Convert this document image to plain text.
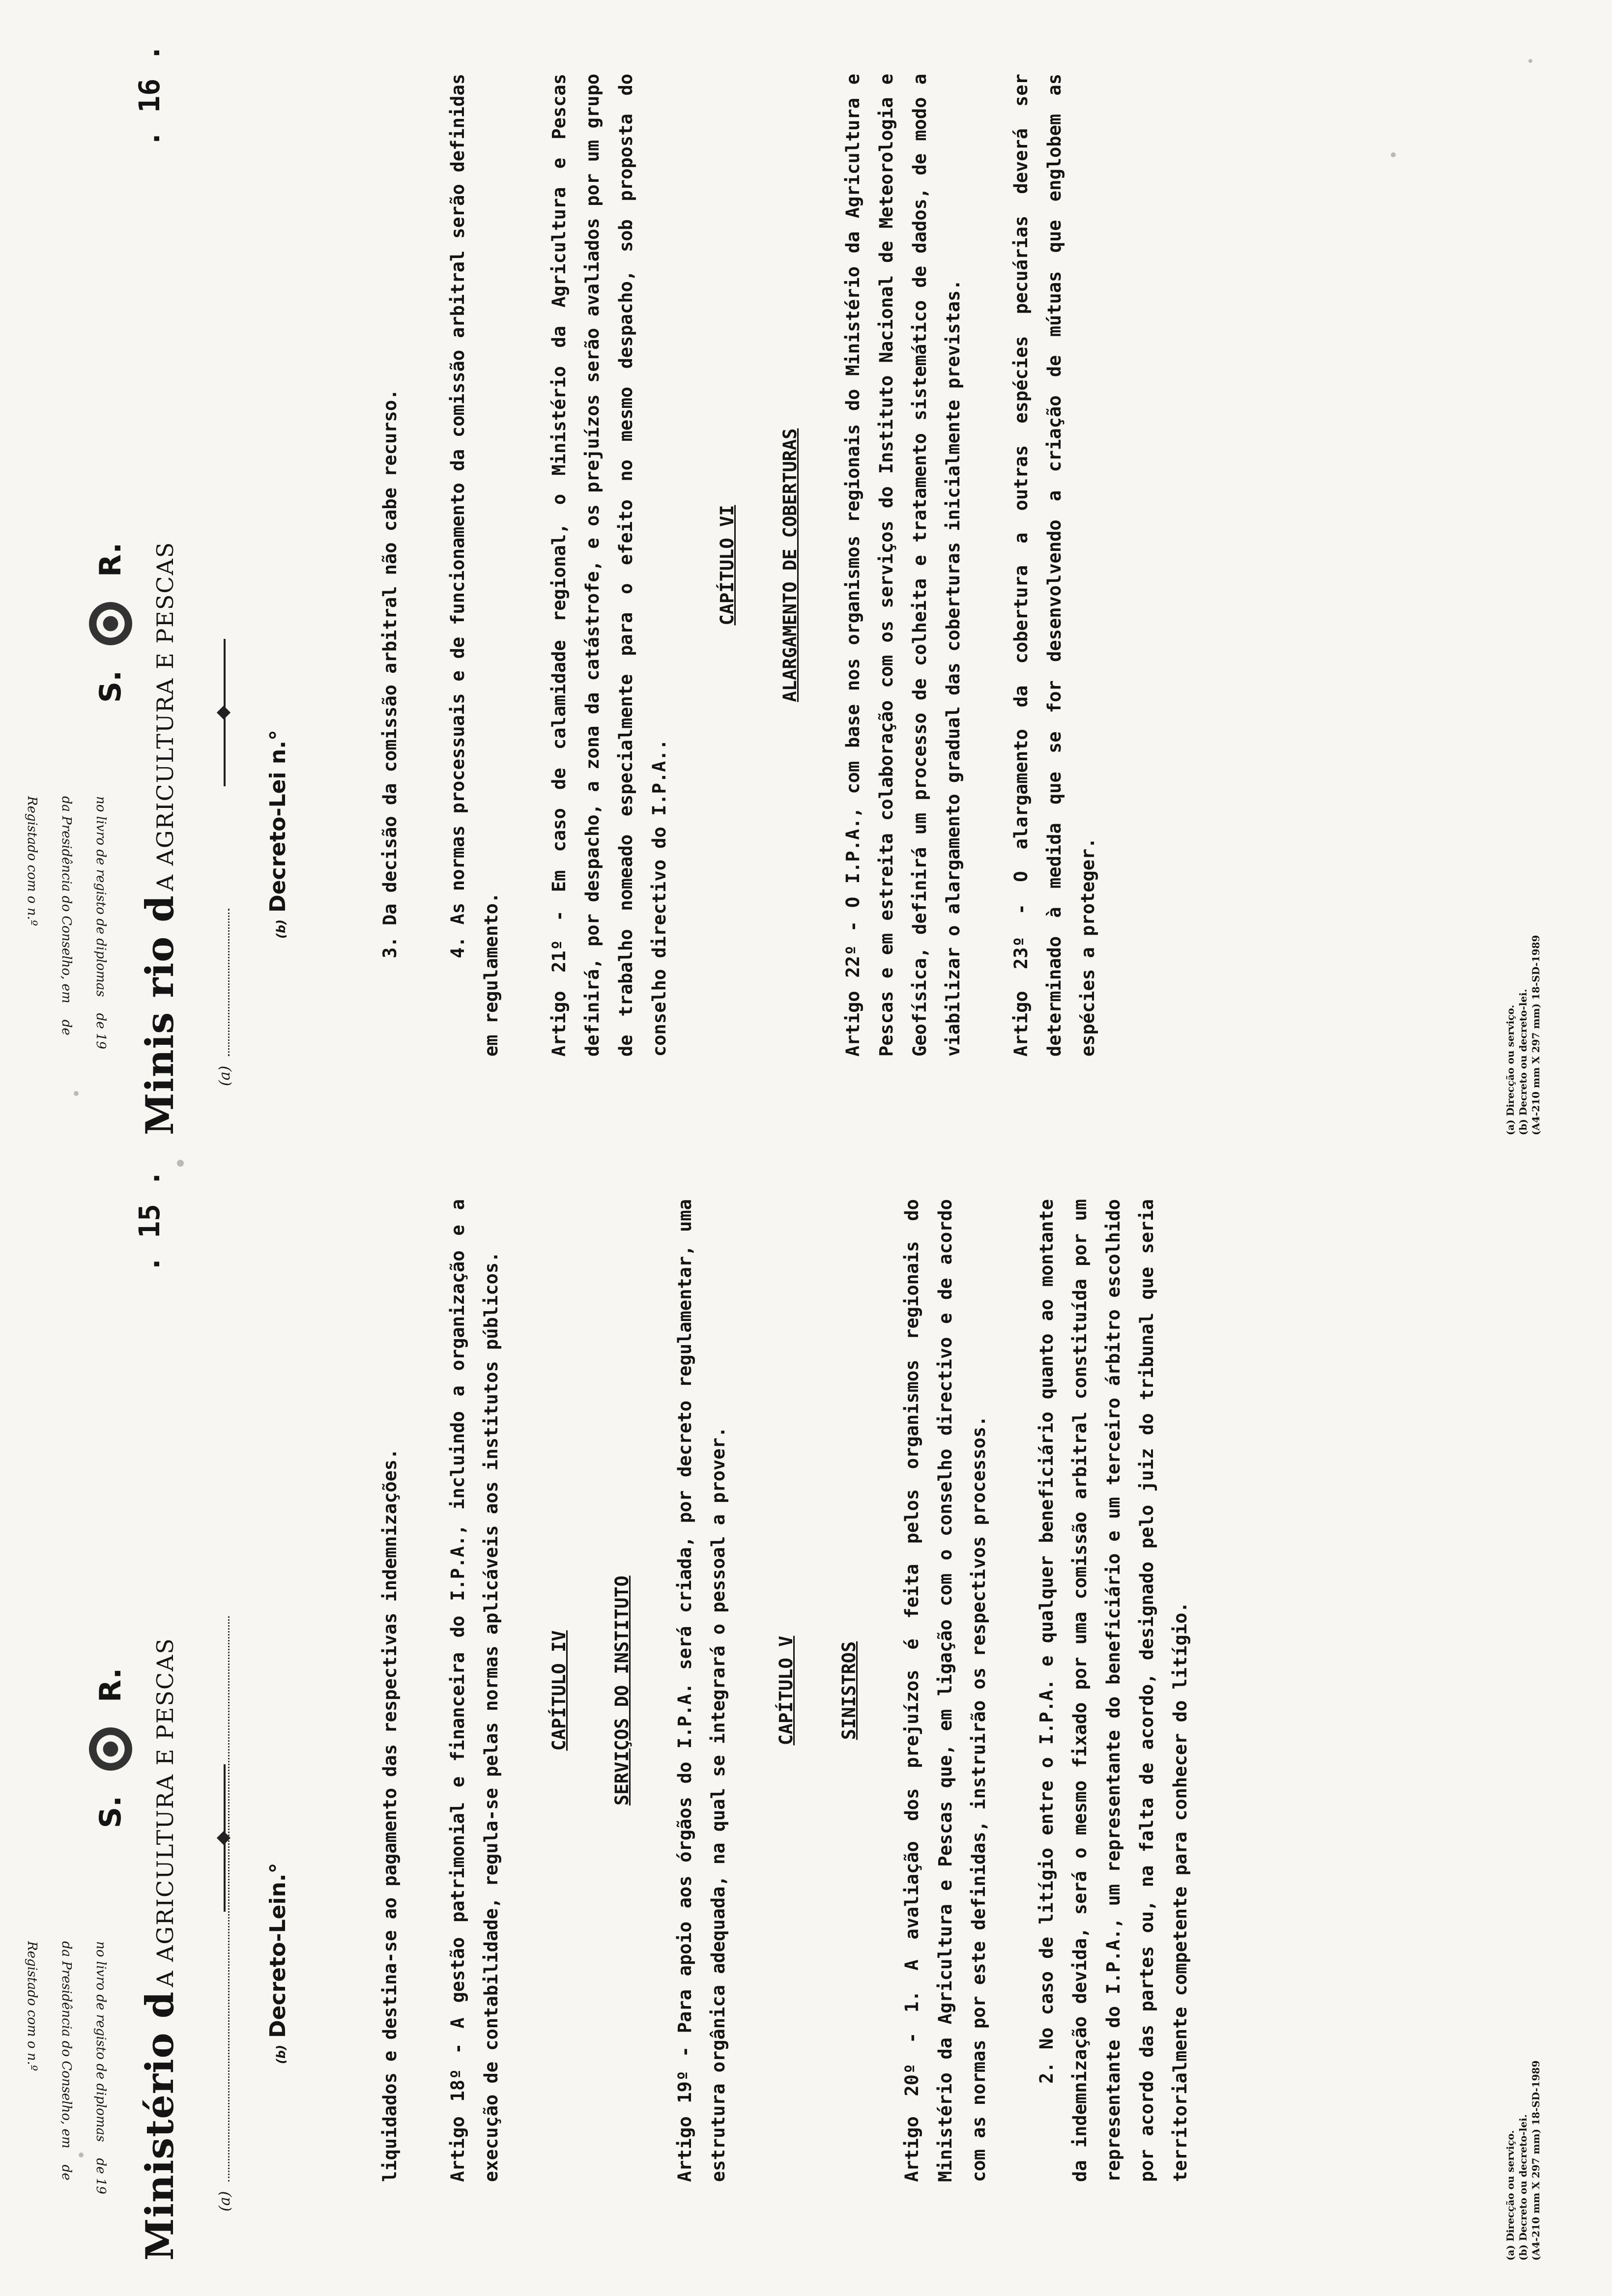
S.
R.
Ministério dA AGRICULTURA E PESCAS
. 15 .
(a)
(b)Decreto-Lein.°	liquidados e destina-se ao pagamento das respectivas indemnizações.	Artigo 18º - A gestão patrimonial e financeira do I.P.A., incluindo a organização e a execução de contabilidade, regula-se pelas normas aplicáveis aos institutos públicos.	CAPÍTULO IV	SERVIÇOS DO INSTITUTO	Artigo 19º - Para apoio aos órgãos do I.P.A. será criada, por decreto regulamentar, uma estrutura orgânica adequada, na qual se integrará o pessoal a prover.	CAPÍTULO V	SINISTROS	Artigo 20º - 1. A avaliação dos prejuízos é feita pelos organismos regionais do Ministério da Agricultura e Pescas que, em ligação com o conselho directivo e de acordo com as normas por este definidas, instruirão os respectivos processos.	2. No caso de litígio entre o I.P.A. e qualquer beneficiário quanto ao montante da indemnização devida, será o mesmo fixado por uma comissão arbitral constituída por um representante do I.P.A., um representante do beneficiário e um terceiro árbitro escolhido por acordo das partes ou, na falta de acordo, designado pelo juiz do tribunal que seria territorialmente competente para conhecer do litígio.

(a) Direcção ou serviço. (b) Decreto ou decreto-lei. (A4-210 mm X 297 mm) 18-SD-1989
no livro de registo de diplomas    de 19
da Presidência do Conselho, em    de
Registado com o n.º
S.
R.
Minis rio dA AGRICULTURA E PESCAS
. 16 .
(a)
(b)Decreto-Lei n.°	3. Da decisão da comissão arbitral não cabe recurso.	4. As normas processuais e de funcionamento da comissão arbitral serão definidas em regulamento.	Artigo 21º - Em caso de calamidade regional, o Ministério da Agricultura e Pescas definirá, por despacho, a zona da catástrofe, e os prejuízos serão avaliados por um grupo de trabalho nomeado especialmente para o efeito no mesmo despacho, sob proposta do conselho directivo do I.P.A..

CAPÍTULO VI	ALARGAMENTO DE COBERTURAS	Artigo 22º - O I.P.A., com base nos organismos regionais do Ministério da Agricultura e Pescas e em estreita colaboração com os serviços do Instituto Nacional de Meteorologia e Geofísica, definirá um processo de colheita e tratamento sistemático de dados, de modo a viabilizar o alargamento gradual das coberturas inicialmente previstas.	Artigo 23º - O alargamento da cobertura a outras espécies pecuárias deverá ser determinado à medida que se for desenvolvendo a criação de mútuas que englobem as espécies a proteger.

(a) Direcção ou serviço. (b) Decreto ou decreto-lei. (A4-210 mm X 297 mm) 18-SD-1989
no livro de registo de diplomas    de 19
da Presidência do Conselho, em    de
Registado com o n.º
